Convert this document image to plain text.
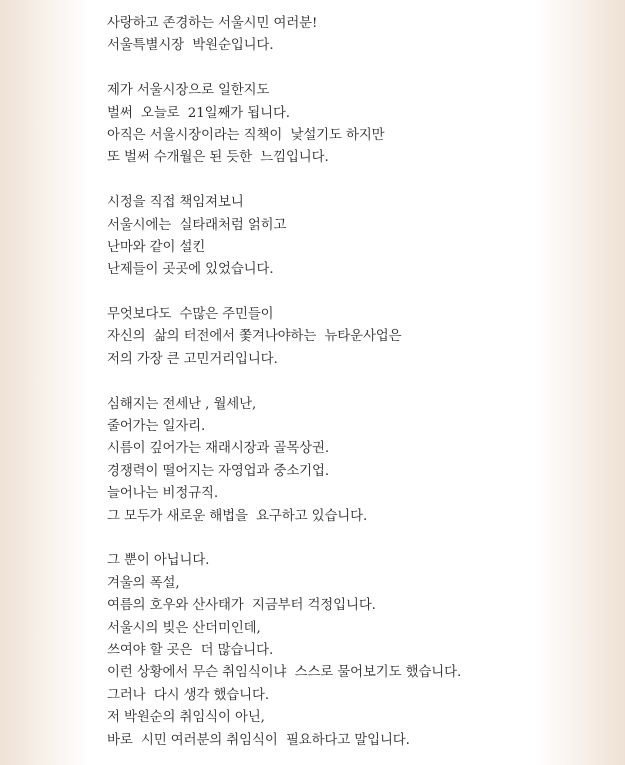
사랑하고 존경하는 서울시민 여러분!
서울특별시장  박원순입니다.
제가 서울시장으로 일한지도
벌써  오늘로  21일째가 됩니다.
아직은 서울시장이라는 직책이  낯설기도 하지만
또 벌써 수개월은 된 듯한  느낌입니다.
시정을 직접 책임져보니
서울시에는  실타래처럼 얽히고
난마와 같이 설킨
난제들이 곳곳에 있었습니다.
무엇보다도  수많은 주민들이
자신의  삶의 터전에서 쫓겨나야하는  뉴타운사업은
저의 가장 큰 고민거리입니다.
심해지는 전세난 , 월세난,
줄어가는 일자리.
시름이 깊어가는 재래시장과 골목상권.
경쟁력이 떨어지는 자영업과 중소기업.
늘어나는 비정규직.
그 모두가 새로운 해법을  요구하고 있습니다.
그 뿐이 아닙니다.
겨울의 폭설,
여름의 호우와 산사태가  지금부터 걱정입니다.
서울시의 빚은 산더미인데,
쓰여야 할 곳은  더 많습니다.
이런 상황에서 무슨 취임식이냐  스스로 물어보기도 했습니다.
그러나  다시 생각 했습니다.
저 박원순의 취임식이 아닌,
바로  시민 여러분의 취임식이  필요하다고 말입니다.
